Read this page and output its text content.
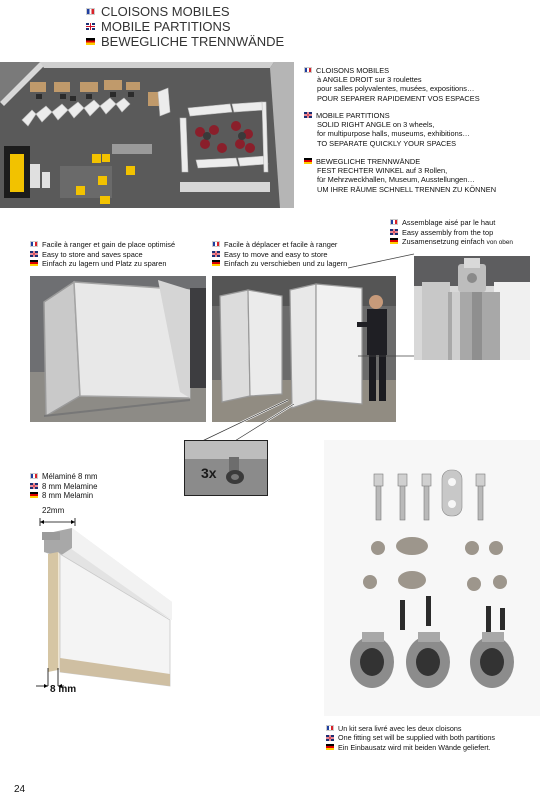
CLOISONS MOBILES
MOBILE PARTITIONS
BEWEGLICHE TRENNWÄNDE
CLOISONS MOBILES
à ANGLE DROIT sur 3 roulettes
pour salles polyvalentes, musées, expositions…
POUR SEPARER RAPIDEMENT VOS ESPACES
MOBILE PARTITIONS
SOLID RIGHT ANGLE on 3 wheels,
for multipurpose halls, museums, exhibitions…
TO SEPARATE QUICKLY YOUR SPACES
BEWEGLICHE TRENNWÄNDE
FEST RECHTER WINKEL auf 3 Rollen,
für Mehrzweckhallen, Museum, Ausstellungen…
UM IHRE RÄUME SCHNELL TRENNEN ZU KÖNNEN
Assemblage aisé par le haut
Easy assembly from the top
Zusamensetzung einfach von oben
Facile à ranger et gain de place optimisé
Easy to store and saves space
Einfach zu lagern und Platz zu sparen
Facile à déplacer et facile à ranger
Easy to move and easy to store
Einfach zu verschieben und zu lagern
3x
Mélaminé 8 mm
8 mm Melamine
8 mm Melamin
22mm
8 mm
Un kit sera livré avec les deux cloisons
One fitting set will be supplied with both partitions
Ein Einbausatz wird mit beiden Wände geliefert.
24
